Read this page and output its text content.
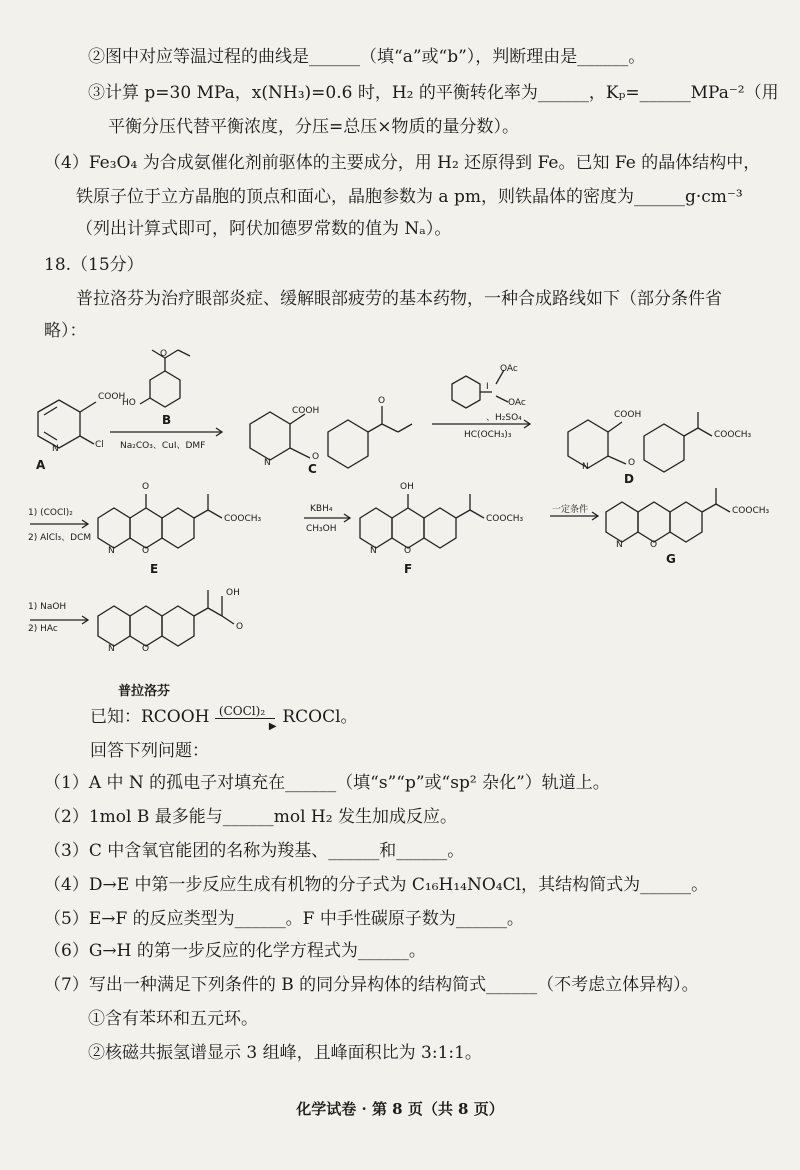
②图中对应等温过程的曲线是______（填“a”或“b”），判断理由是______。
③计算 p=30 MPa，x(NH₃)=0.6 时，H₂ 的平衡转化率为______，Kₚ=______MPa⁻²（用
平衡分压代替平衡浓度，分压=总压×物质的量分数）。
（4）Fe₃O₄ 为合成氨催化剂前驱体的主要成分，用 H₂ 还原得到 Fe。已知 Fe 的晶体结构中，
铁原子位于立方晶胞的顶点和面心，晶胞参数为 a pm，则铁晶体的密度为______g·cm⁻³
（列出计算式即可，阿伏加德罗常数的值为 Nₐ）。
18.（15分）
普拉洛芬为治疗眼部炎症、缓解眼部疲劳的基本药物，一种合成路线如下（部分条件省
略）：
COOH
Cl
N
A
HO
O
B
Na₂CO₃、CuI、DMF
COOH
N
O
O
C
I
OAc
OAc
、H₂SO₄
HC(OCH₃)₃
COOH
N	O
COOCH₃
D
1) (COCl)₂
2) AlCl₃、DCM
O
N	O
COOCH₃
E
KBH₄
CH₃OH
OH
N	O
COOCH₃
F
一定条件
N	O
COOCH₃
G
1) NaOH
2) HAc
N	O
OH
O
普拉洛芬
已知：RCOOH (COCl)₂
▶ RCOCl。
回答下列问题：
（1）A 中 N 的孤电子对填充在______（填“s”“p”或“sp² 杂化”）轨道上。
（2）1mol B 最多能与______mol H₂ 发生加成反应。
（3）C 中含氧官能团的名称为羧基、______和______。
（4）D→E 中第一步反应生成有机物的分子式为 C₁₆H₁₄NO₄Cl，其结构简式为______。
（5）E→F 的反应类型为______。F 中手性碳原子数为______。
（6）G→H 的第一步反应的化学方程式为______。
（7）写出一种满足下列条件的 B 的同分异构体的结构简式______（不考虑立体异构）。
①含有苯环和五元环。
②核磁共振氢谱显示 3 组峰，且峰面积比为 3:1:1。
化学试卷 · 第 8 页（共 8 页）
